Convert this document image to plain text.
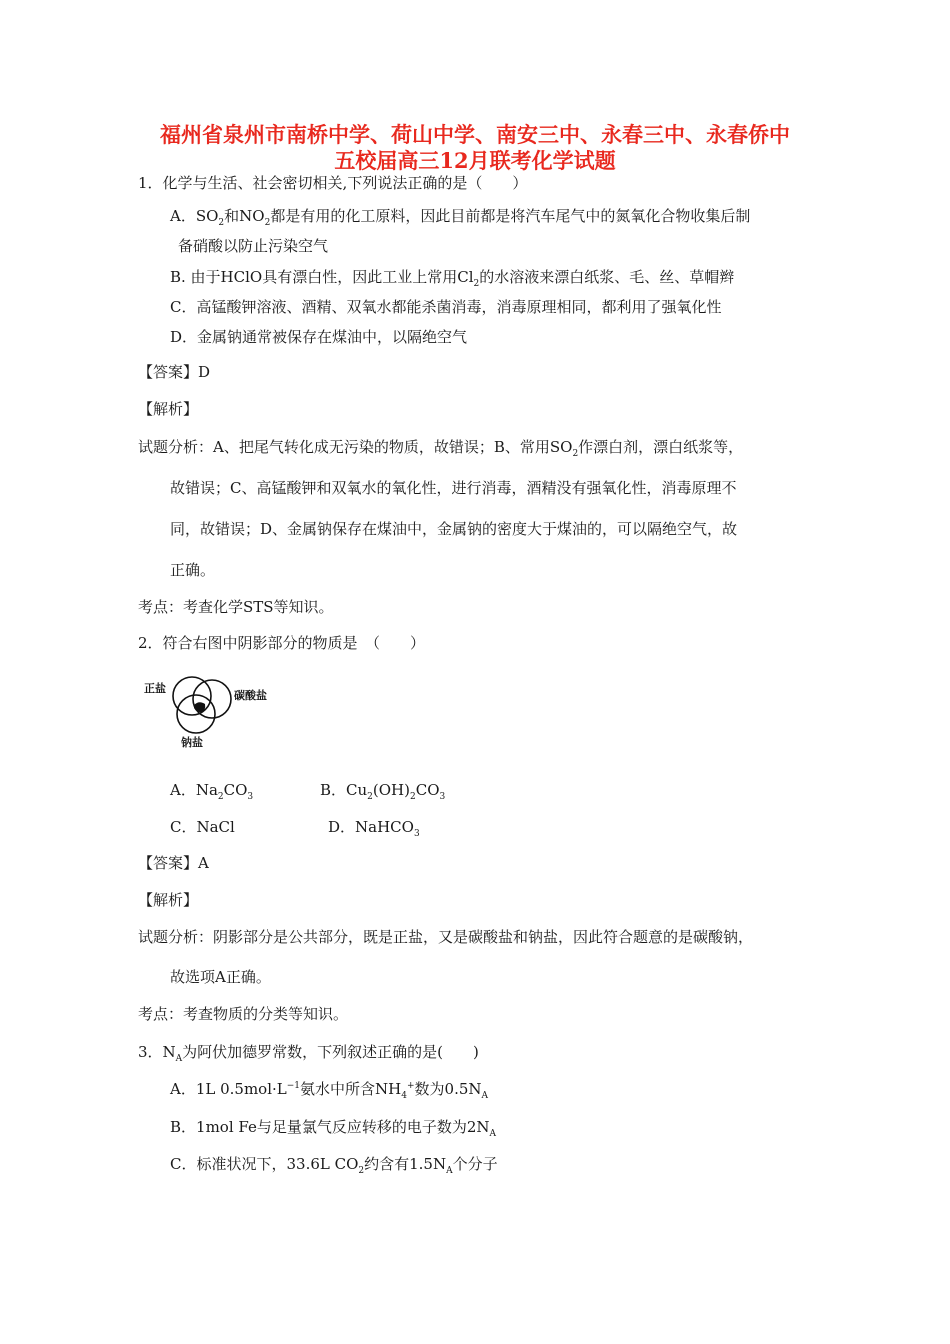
福州省泉州市南桥中学、荷山中学、南安三中、永春三中、永春侨中
五校届高三12月联考化学试题
1．化学与生活、社会密切相关,下列说法正确的是（　　）
A．$SO_2$和$NO_2$都是有用的化工原料，因此目前都是将汽车尾气中的氮氧化合物收集后制
备硝酸以防止污染空气
B. 由于HClO具有漂白性，因此工业上常用$Cl_2$的水溶液来漂白纸浆、毛、丝、草帽辫
C．高锰酸钾溶液、酒精、双氧水都能杀菌消毒，消毒原理相同，都利用了强氧化性
D．金属钠通常被保存在煤油中，以隔绝空气
【答案】D
【解析】
试题分析：A、把尾气转化成无污染的物质，故错误；B、常用$SO_2$作漂白剂，漂白纸浆等，
故错误；C、高锰酸钾和双氧水的氧化性，进行消毒，酒精没有强氧化性，消毒原理不
同，故错误；D、金属钠保存在煤油中，金属钠的密度大于煤油的，可以隔绝空气，故
正确。
考点：考查化学STS等知识。
2．符合右图中阴影部分的物质是　（　　）
正盐
碳酸盐
钠盐
A．$Na_2CO_3$	B．$Cu_2(OH)_2CO_3$
C．NaCl	D．NaHCO$_3$
【答案】A
【解析】
试题分析：阴影部分是公共部分，既是正盐，又是碳酸盐和钠盐，因此符合题意的是碳酸钠，
故选项A正确。
考点：考查物质的分类等知识。
3．$N_A$为阿伏加德罗常数，下列叙述正确的是(　　)
A．1L $0.5mol\cdot L^{-1}$氨水中所含$NH_4^+$数为$0.5N_A$
B．1mol Fe与足量氯气反应转移的电子数为$2N_A$
C．标准状况下，33.6L $CO_2$约含有$1.5N_A$个分子
